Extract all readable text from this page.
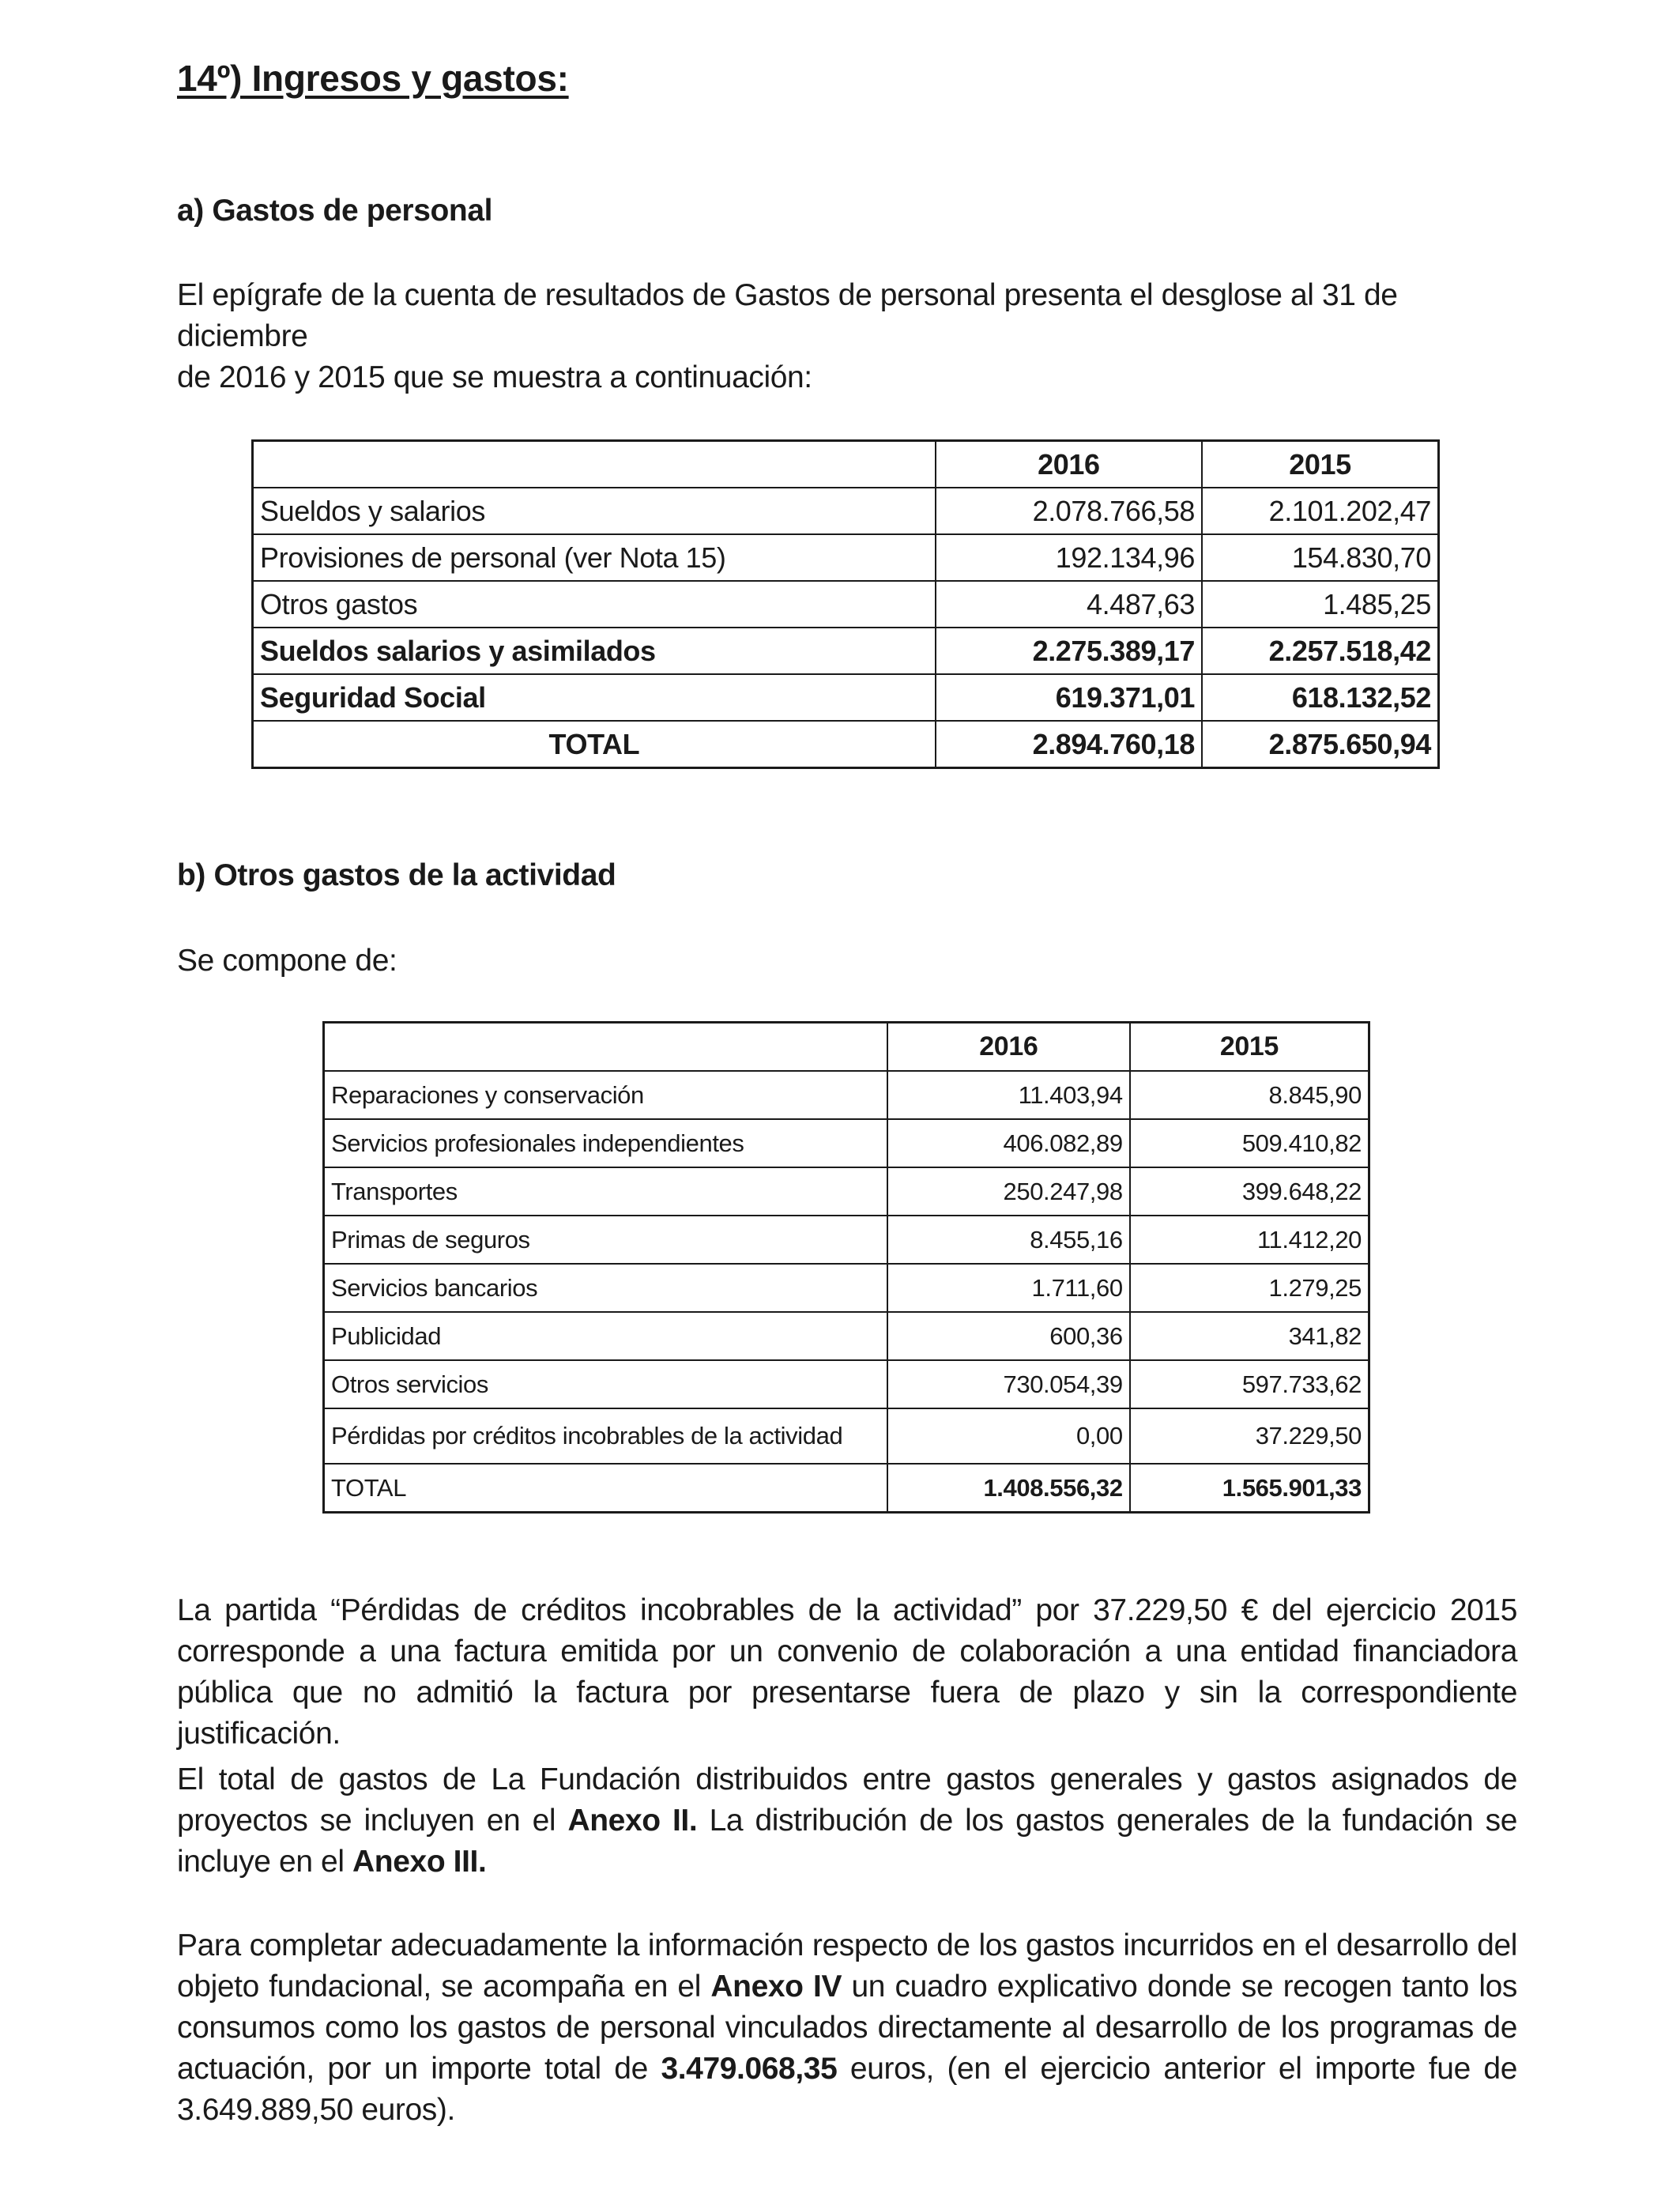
14º) Ingresos y gastos:
a) Gastos de personal

El epígrafe de la cuenta de resultados de Gastos de personal presenta el desglose al 31 de diciembre
de 2016 y 2015 que se muestra a continuación:

	2016	2015
Sueldos y salarios	2.078.766,58	2.101.202,47
Provisiones de personal (ver Nota 15)	192.134,96	154.830,70
Otros gastos	4.487,63	1.485,25
Sueldos salarios y asimilados	2.275.389,17	2.257.518,42
Seguridad Social	619.371,01	618.132,52
TOTAL	2.894.760,18	2.875.650,94
b) Otros gastos de la actividad

Se compone de:

	2016	2015
Reparaciones y conservación	11.403,94	8.845,90
Servicios profesionales independientes	406.082,89	509.410,82
Transportes	250.247,98	399.648,22
Primas de seguros	8.455,16	11.412,20
Servicios bancarios	1.711,60	1.279,25
Publicidad	600,36	341,82
Otros servicios	730.054,39	597.733,62
Pérdidas por créditos incobrables de la actividad	0,00	37.229,50
TOTAL	1.408.556,32	1.565.901,33

La partida “Pérdidas de créditos incobrables de la actividad” por 37.229,50 € del ejercicio 2015 corresponde a una factura emitida por un convenio de colaboración a una entidad financiadora pública que no admitió la factura por presentarse fuera de plazo y sin la correspondiente justificación.

El total de gastos de La Fundación distribuidos entre gastos generales y gastos asignados de proyectos se incluyen en el Anexo II. La distribución de los gastos generales de la fundación se incluye en el Anexo III.

Para completar adecuadamente la información respecto de los gastos incurridos en el desarrollo del objeto fundacional, se acompaña en el Anexo IV un cuadro explicativo donde se recogen tanto los consumos como los gastos de personal vinculados directamente al desarrollo de los programas de actuación, por un importe total de 3.479.068,35 euros, (en el ejercicio anterior el importe fue de 3.649.889,50 euros).
